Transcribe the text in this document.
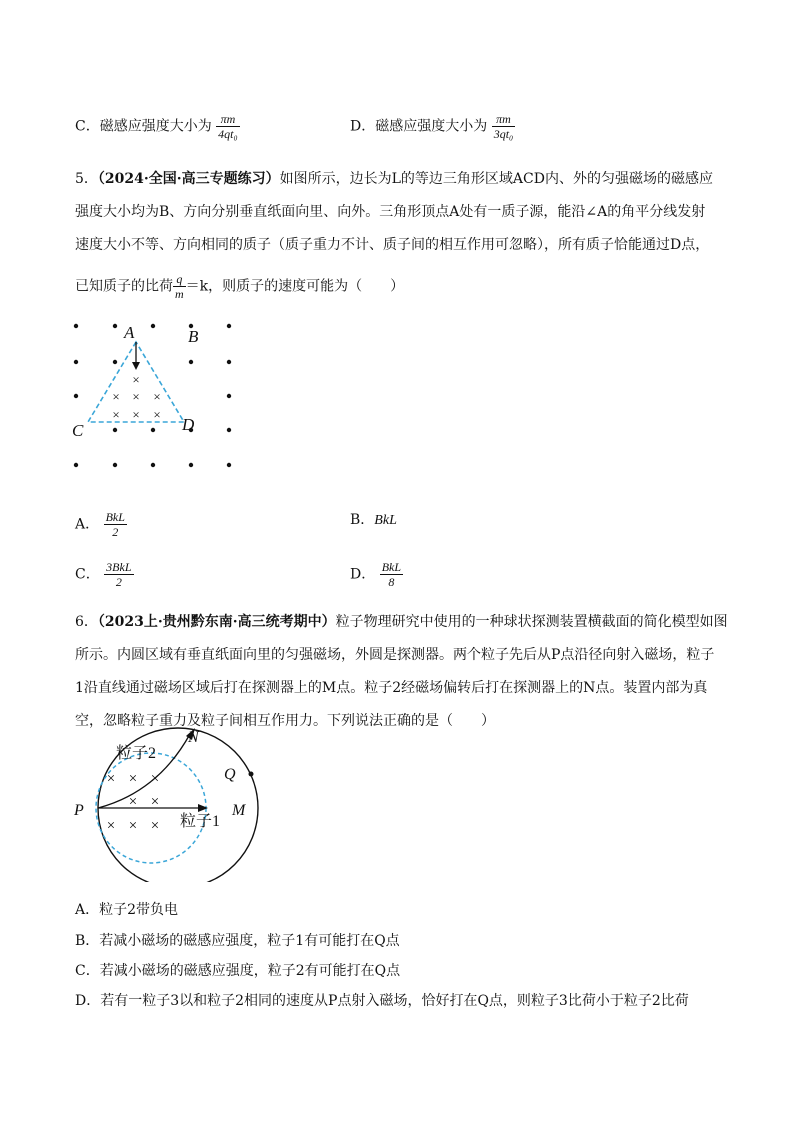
C．磁感应强度大小为 $\frac{\pi m}{\text{4qt₀}}$	D．磁感应强度大小为 $\frac{\pi m}{\text{3qt₀}}$
5．（2024·全国·高三专题练习）如图所示，边长为L的等边三角形区域ACD内、外的匀强磁场的磁感应
强度大小均为B、方向分别垂直纸面向里、向外。三角形顶点A处有一质子源，能沿∠A的角平分线发射
速度大小不等、方向相同的质子（质子重力不计、质子间的相互作用可忽略），所有质子恰能通过D点，
已知质子的比荷 $\frac{q}{m} =k$，则质子的速度可能为（　　）
×
× × ×
× × ×
A	B
C	D
A． $\frac{\text{BkL}}{2}$	B．BkL
C． $\frac{\text{3BkL}}{2}$	D． $\frac{\text{BkL}}{8}$
6．（2023上·贵州黔东南·高三统考期中）粒子物理研究中使用的一种球状探测装置横截面的简化模型如图
所示。内圆区域有垂直纸面向里的匀强磁场，外圆是探测器。两个粒子先后从P点沿径向射入磁场，粒子
1沿直线通过磁场区域后打在探测器上的M点。粒子2经磁场偏转后打在探测器上的N点。装置内部为真
空，忽略粒子重力及粒子间相互作用力。下列说法正确的是（　　）
× × ×
× ×
× × ×
N
Q
P	M
粒子2
粒子1
A．粒子2带负电
B．若减小磁场的磁感应强度，粒子1有可能打在Q点
C．若减小磁场的磁感应强度，粒子2有可能打在Q点
D．若有一粒子3以和粒子2相同的速度从P点射入磁场，恰好打在Q点，则粒子3比荷小于粒子2比荷
